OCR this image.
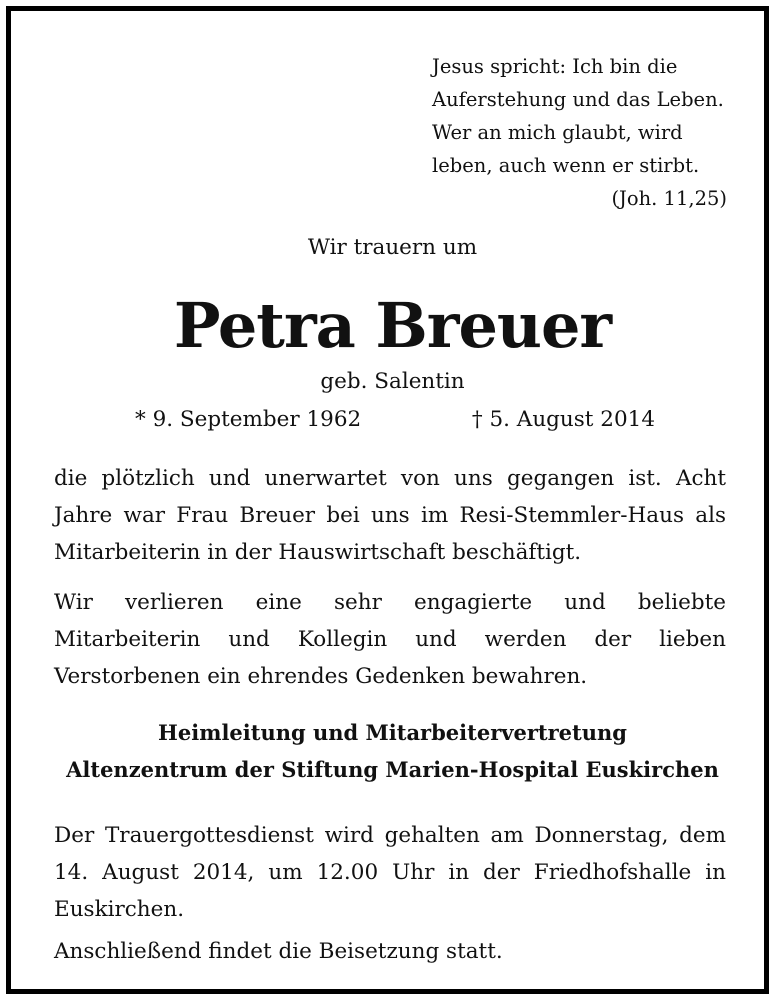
Jesus spricht: Ich bin die
Auferstehung und das Leben.
Wer an mich glaubt, wird
leben, auch wenn er stirbt.
(Joh. 11,25)
Wir trauern um
Petra Breuer
geb. Salentin
* 9. September 1962	† 5. August 2014

die plötzlich und unerwartet von uns gegangen ist. Acht Jahre war Frau Breuer bei uns im Resi-Stemmler-Haus als Mitarbeiterin in der Hauswirtschaft beschäftigt.

Wir verlieren eine sehr engagierte und beliebte Mitarbeiterin und Kollegin und werden der lieben Verstorbenen ein ehrendes Gedenken bewahren.

Heimleitung und Mitarbeitervertretung
Altenzentrum der Stiftung Marien-Hospital Euskirchen

Der Trauergottesdienst wird gehalten am Donnerstag, dem 14. August 2014, um 12.00 Uhr in der Friedhofshalle in Euskirchen.

Anschließend findet die Beisetzung statt.
